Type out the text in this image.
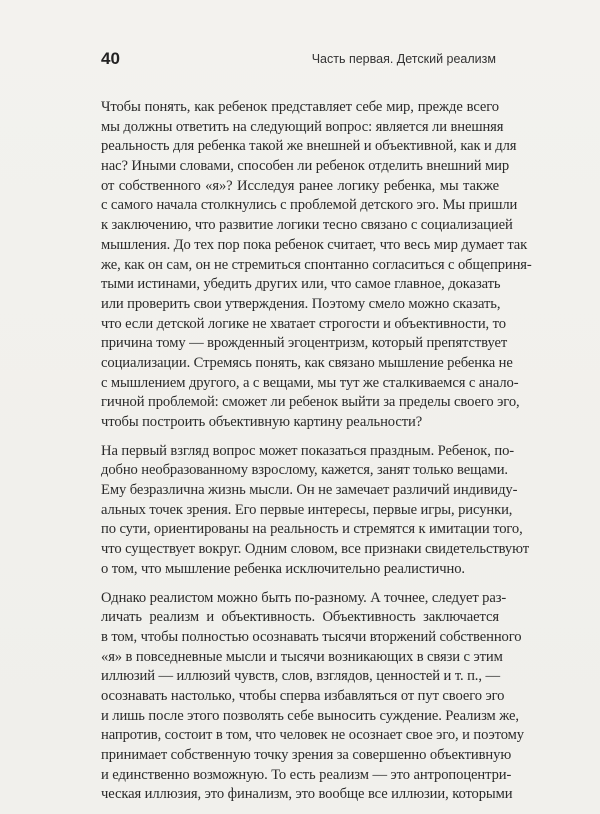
40	Часть первая. Детский реализм
Чтобы понять, как ребенок представляет себе мир, прежде всего
мы должны ответить на следующий вопрос: является ли внешняя
реальность для ребенка такой же внешней и объективной, как и для
нас? Иными словами, способен ли ребенок отделить внешний мир
от собственного «я»? Исследуя ранее логику ребенка, мы также
с самого начала столкнулись с проблемой детского эго. Мы пришли
к заключению, что развитие логики тесно связано с социализацией
мышления. До тех пор пока ребенок считает, что весь мир думает так
же, как он сам, он не стремиться спонтанно согласиться с общеприня-
тыми истинами, убедить других или, что самое главное, доказать
или проверить свои утверждения. Поэтому смело можно сказать,
что если детской логике не хватает строгости и объективности, то
причина тому — врожденный эгоцентризм, который препятствует
социализации. Стремясь понять, как связано мышление ребенка не
с мышлением другого, а с вещами, мы тут же сталкиваемся с анало-
гичной проблемой: сможет ли ребенок выйти за пределы своего эго,
чтобы построить объективную картину реальности?
На первый взгляд вопрос может показаться праздным. Ребенок, по-
добно необразованному взрослому, кажется, занят только вещами.
Ему безразлична жизнь мысли. Он не замечает различий индивиду-
альных точек зрения. Его первые интересы, первые игры, рисунки,
по сути, ориентированы на реальность и стремятся к имитации того,
что существует вокруг. Одним словом, все признаки свидетельствуют
о том, что мышление ребенка исключительно реалистично.
Однако реалистом можно быть по-разному. А точнее, следует раз-
личать реализм и объективность. Объективность заключается
в том, чтобы полностью осознавать тысячи вторжений собственного
«я» в повседневные мысли и тысячи возникающих в связи с этим
иллюзий — иллюзий чувств, слов, взглядов, ценностей и т. п., —
осознавать настолько, чтобы сперва избавляться от пут своего эго
и лишь после этого позволять себе выносить суждение. Реализм же,
напротив, состоит в том, что человек не осознает свое эго, и поэтому
принимает собственную точку зрения за совершенно объективную
и единственно возможную. То есть реализм — это антропоцентри-
ческая иллюзия, это финализм, это вообще все иллюзии, которыми
